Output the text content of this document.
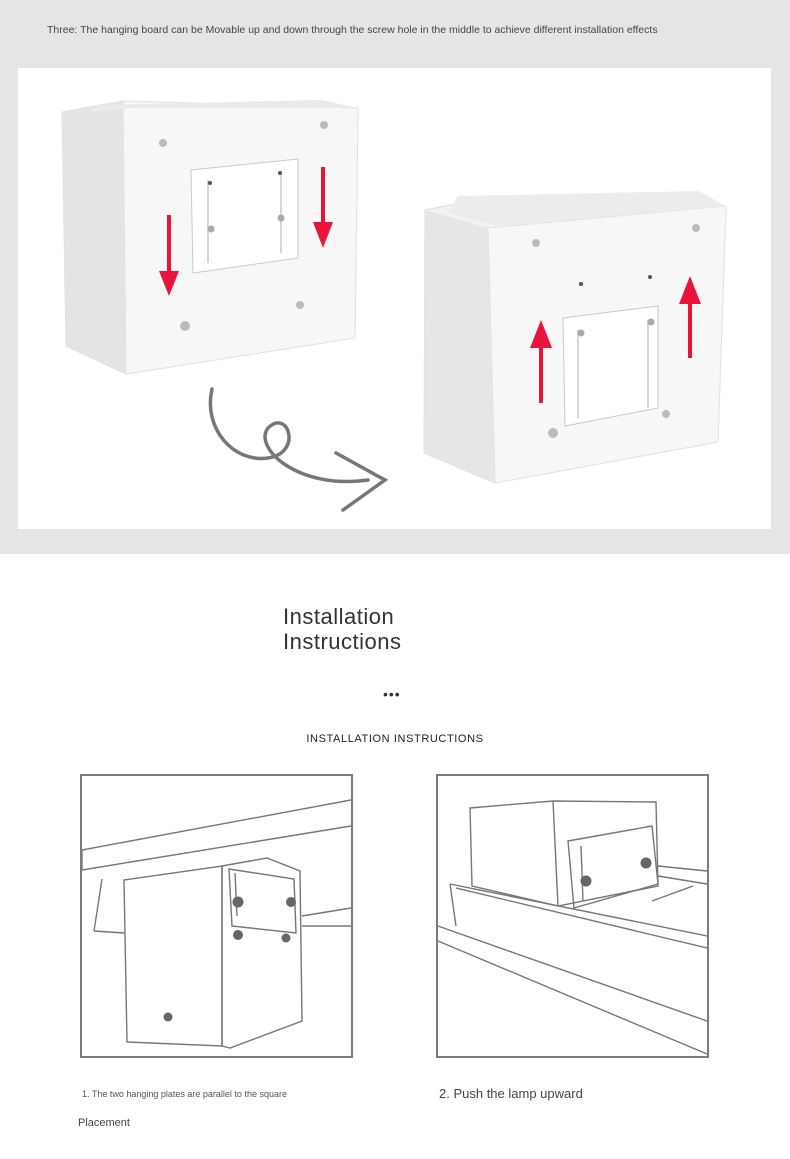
Three: The hanging board can be Movable up and down through the screw hole in the middle to achieve different installation effects
Installation
Instructions
•••
INSTALLATION INSTRUCTIONS
1. The two hanging plates are parallel to the square
Placement
2. Push the lamp upward
